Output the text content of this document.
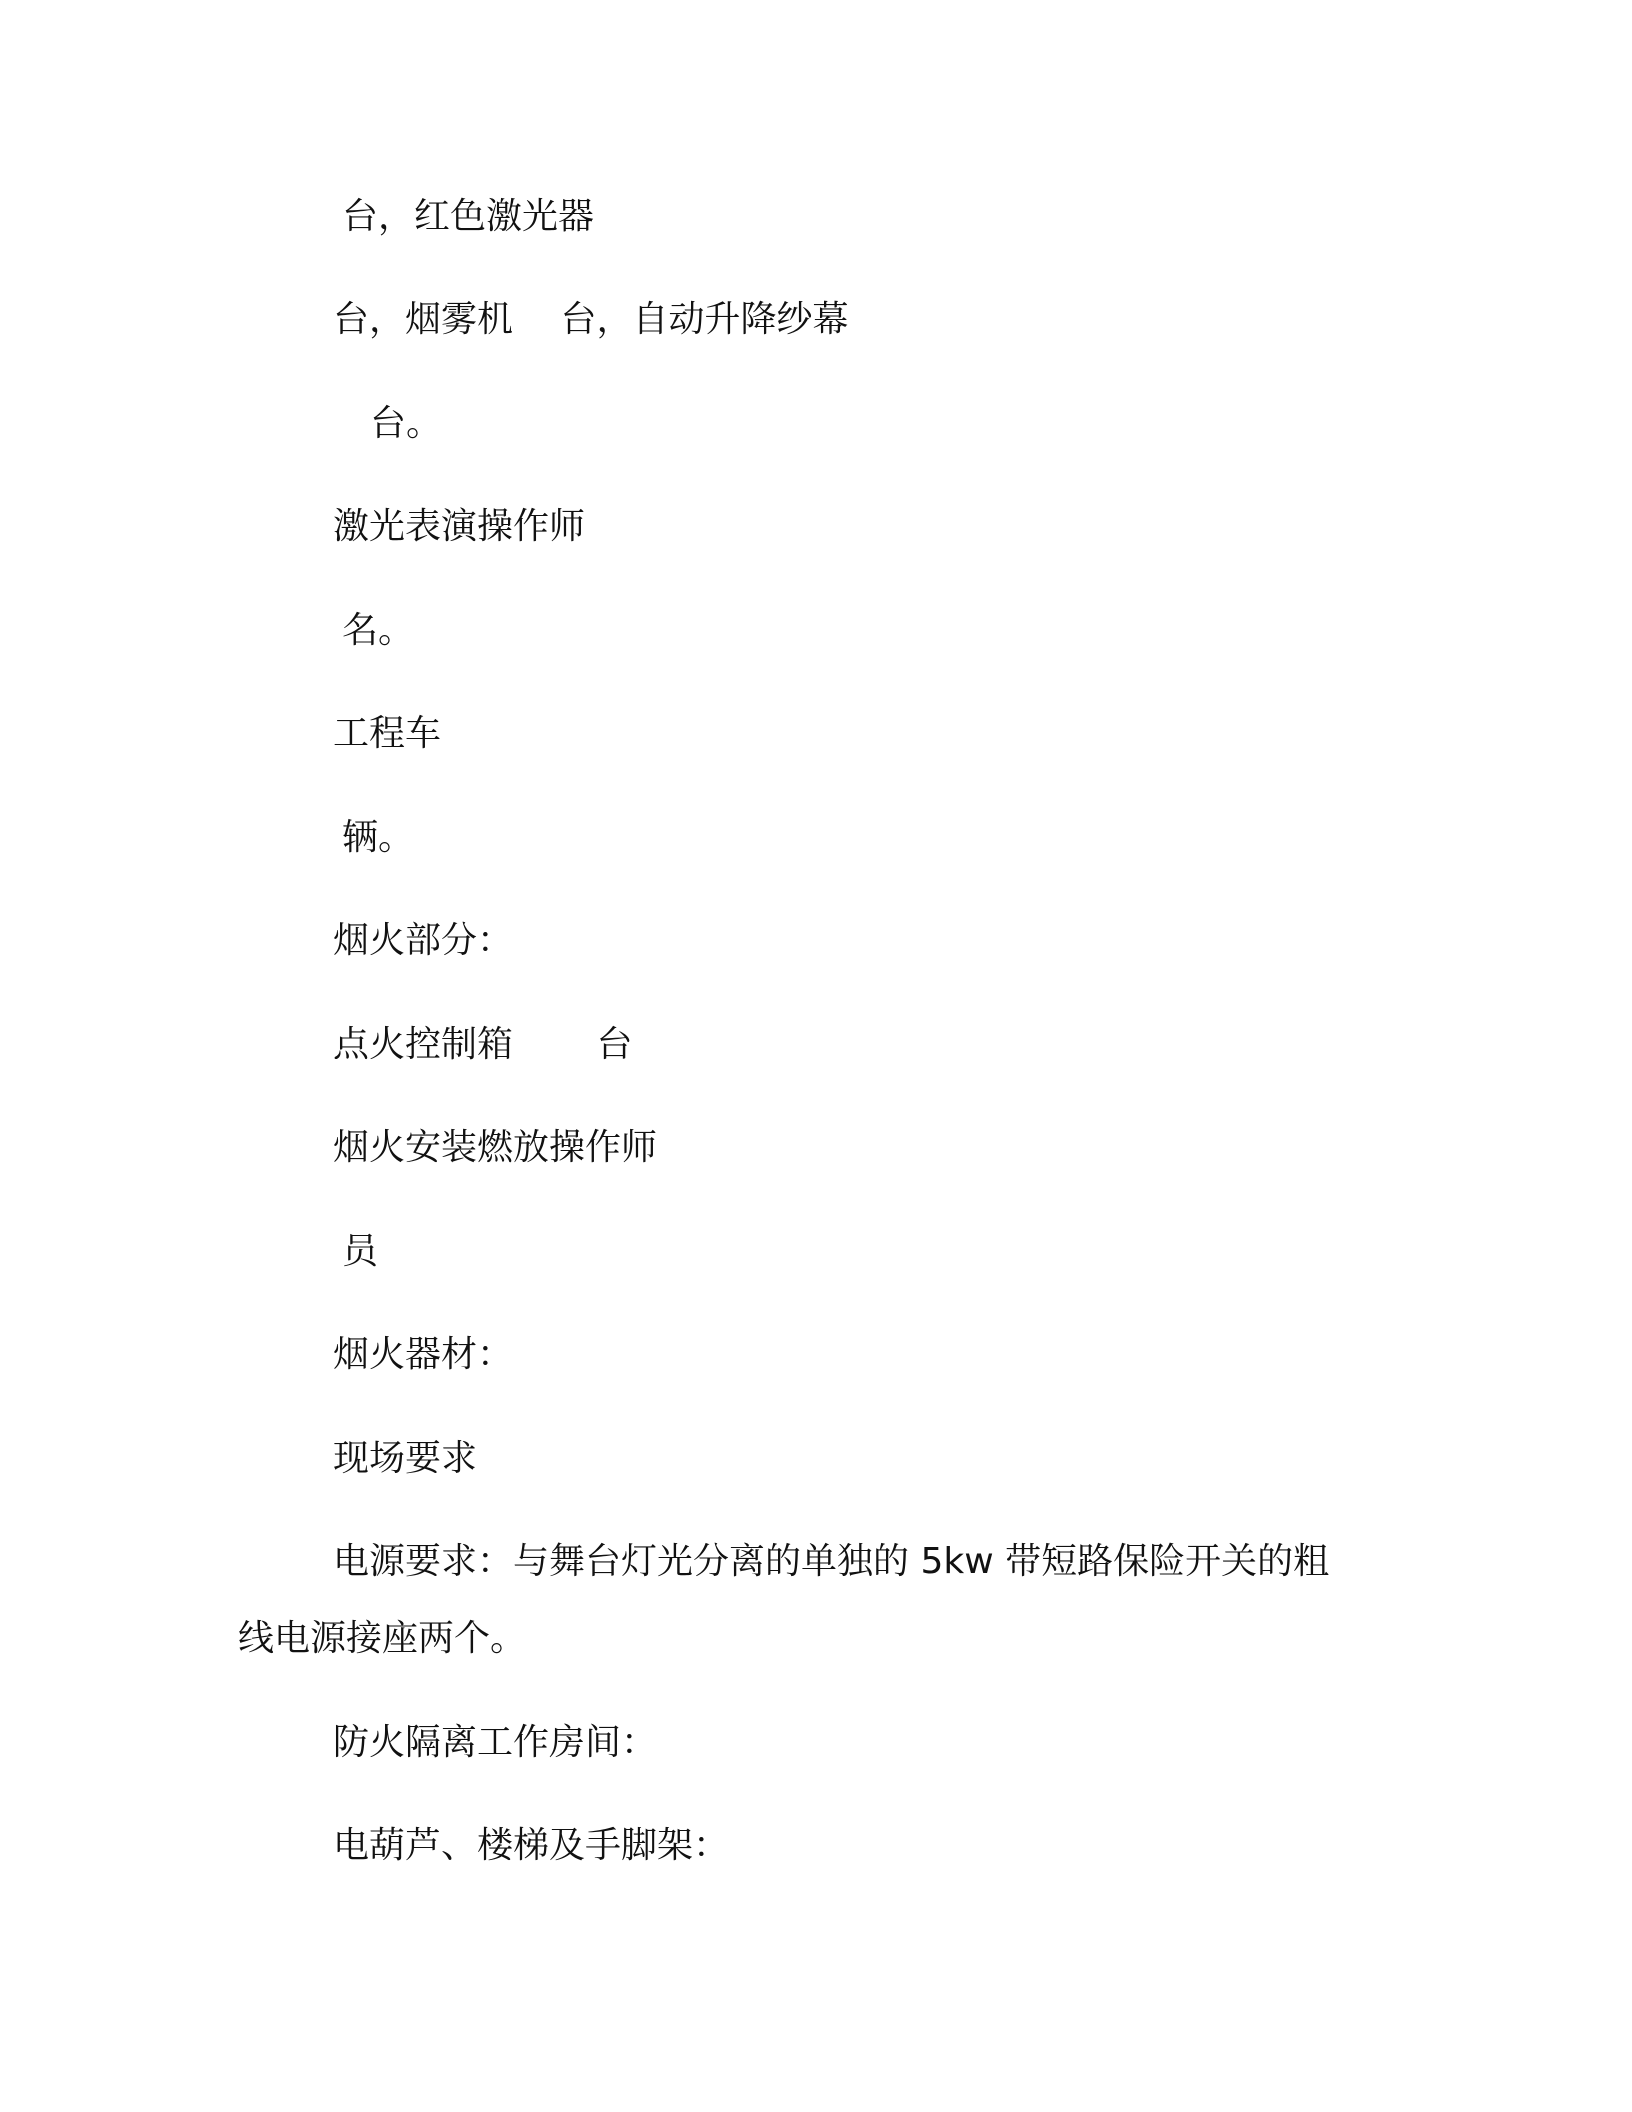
台，红色激光器

台，烟雾机　 台，自动升降纱幕

台。

激光表演操作师

名。

工程车

辆。

烟火部分：

点火控制箱　 　台

烟火安装燃放操作师

员

烟火器材：

现场要求

电源要求：与舞台灯光分离的单独的 5kw 带短路保险开关的粗

线电源接座两个。

防火隔离工作房间：

电葫芦、楼梯及手脚架：
